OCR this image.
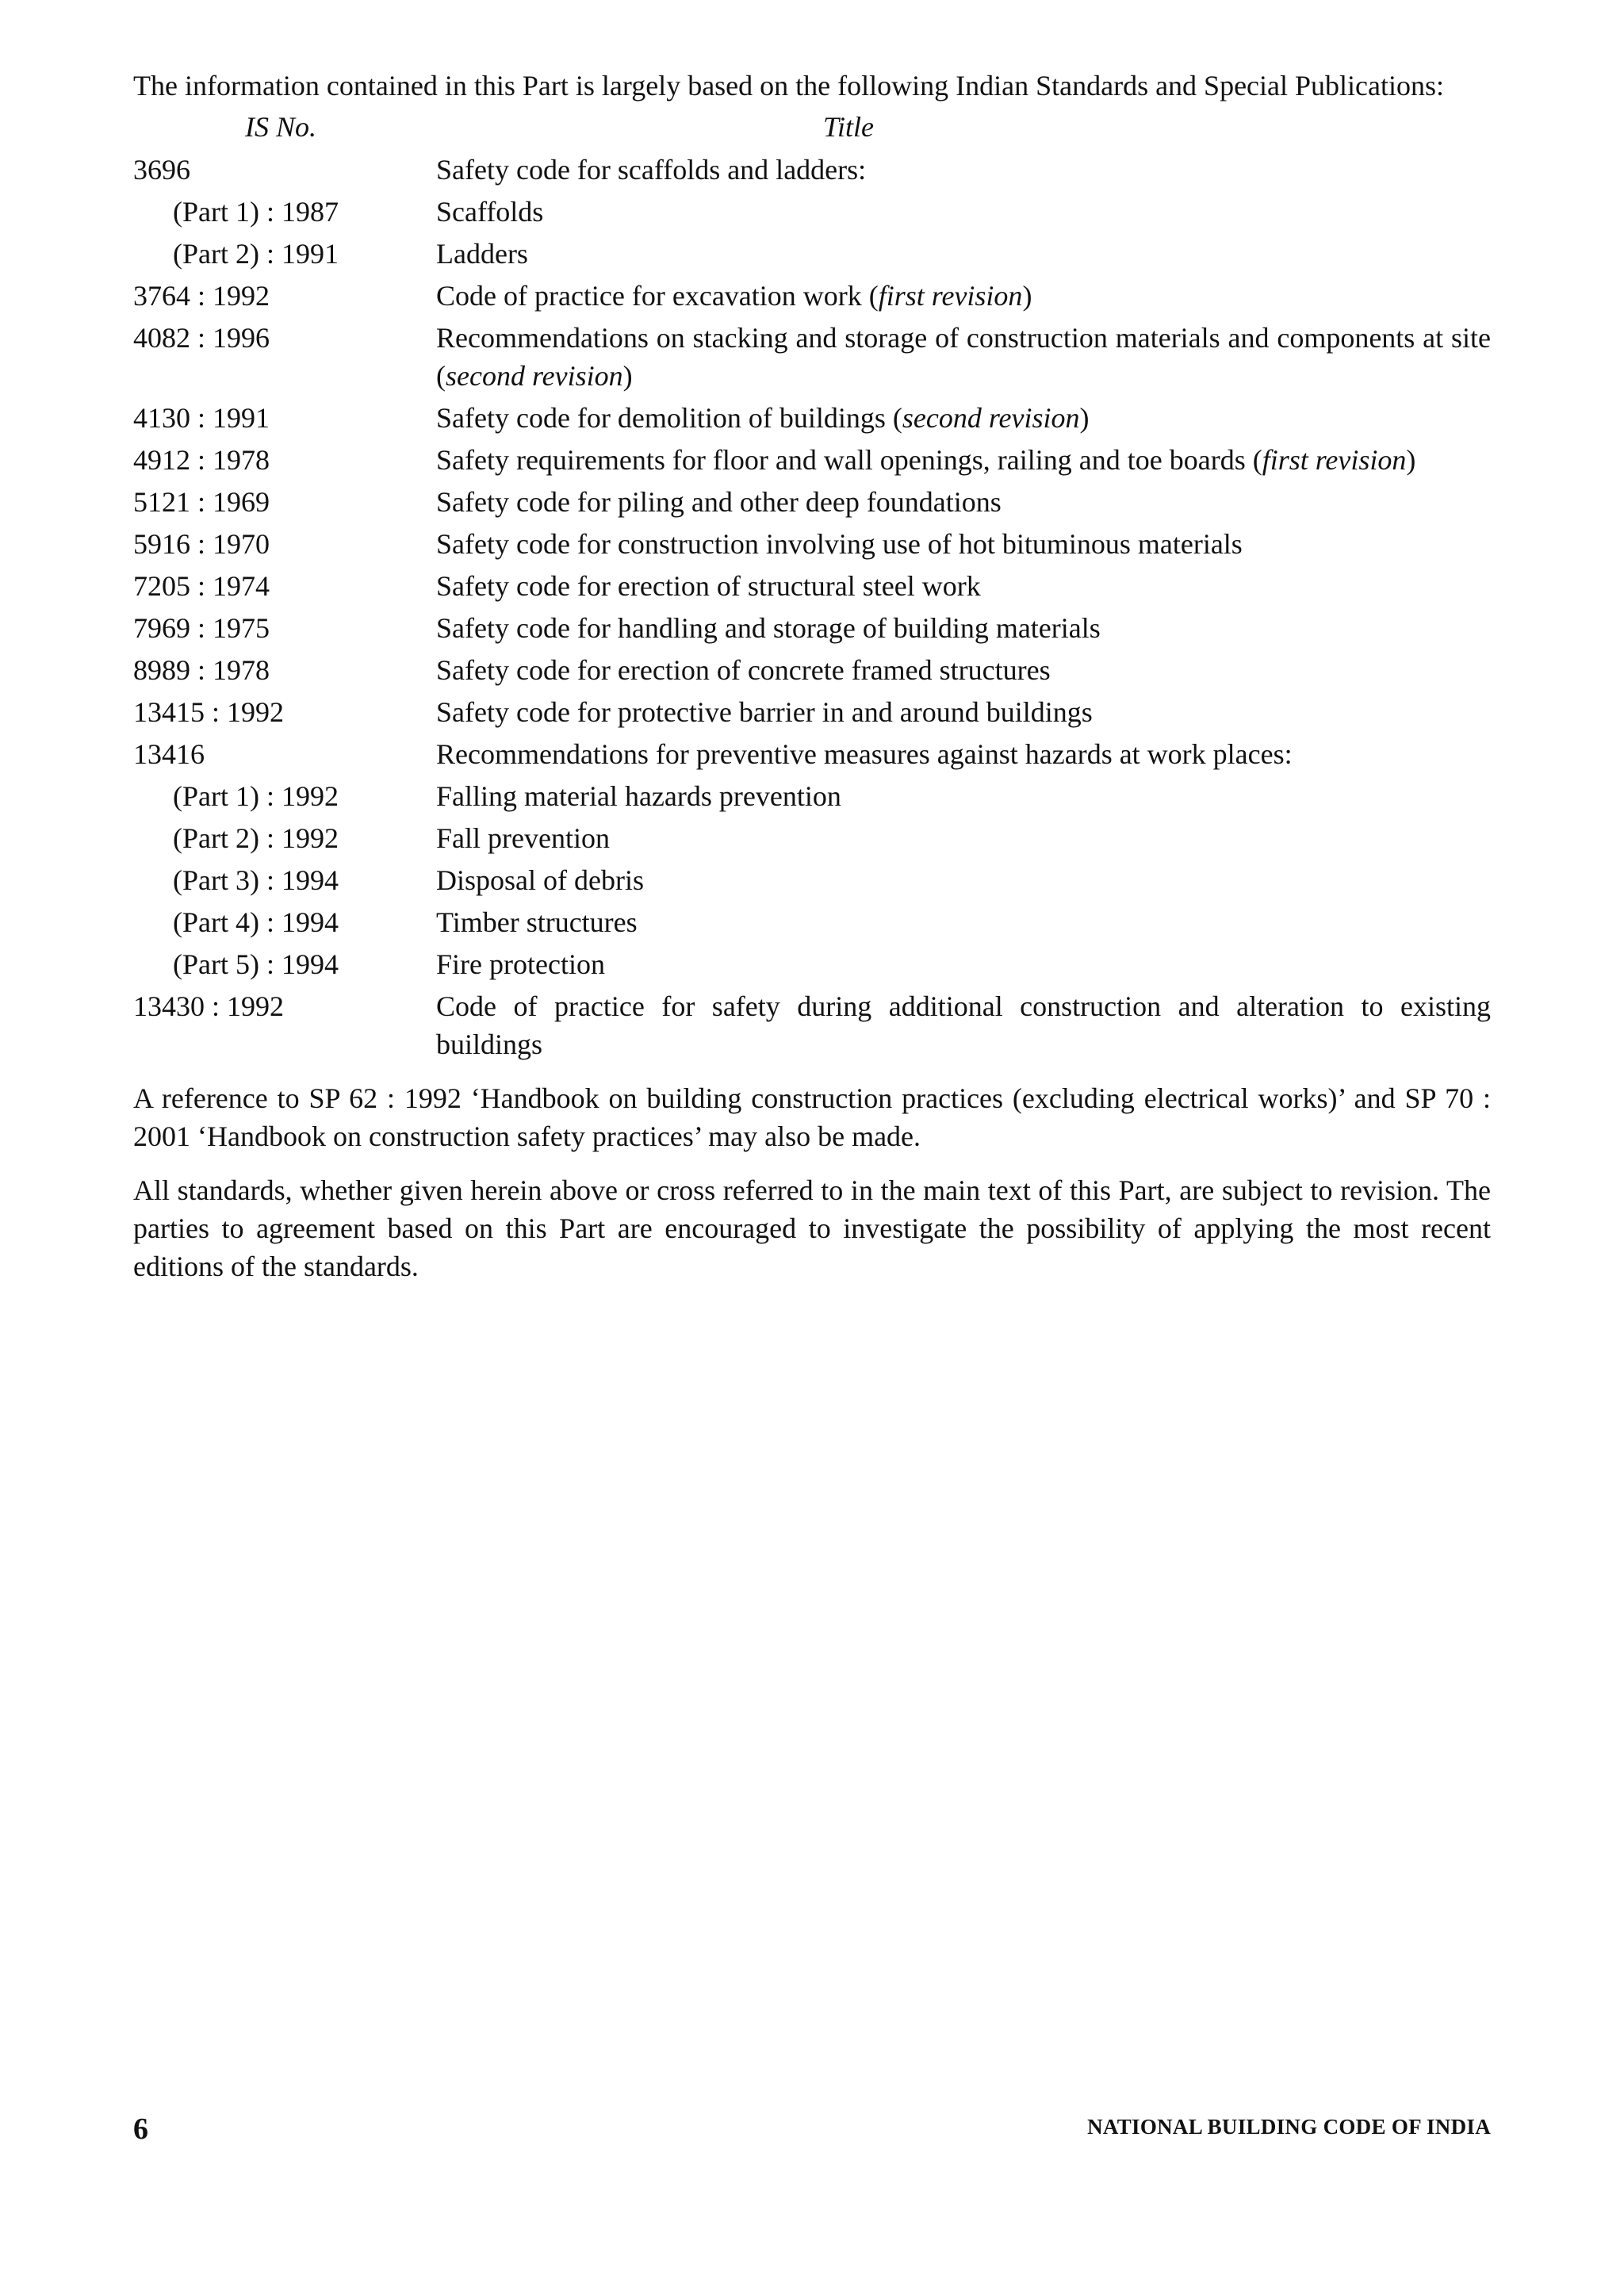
The information contained in this Part is largely based on the following Indian Standards and Special Publications:

IS No.	Title
3696	Safety code for scaffolds and ladders:
(Part 1) : 1987	Scaffolds
(Part 2) : 1991	Ladders
3764 : 1992	Code of practice for excavation work (first revision)
4082 : 1996	Recommendations on stacking and storage of construction materials and components at site (second revision)
4130 : 1991	Safety code for demolition of buildings (second revision)
4912 : 1978	Safety requirements for floor and wall openings, railing and toe boards (first revision)
5121 : 1969	Safety code for piling and other deep foundations
5916 : 1970	Safety code for construction involving use of hot bituminous materials
7205 : 1974	Safety code for erection of structural steel work
7969 : 1975	Safety code for handling and storage of building materials
8989 : 1978	Safety code for erection of concrete framed structures
13415 : 1992	Safety code for protective barrier in and around buildings
13416	Recommendations for preventive measures against hazards at work places:
(Part 1) : 1992	Falling material hazards prevention
(Part 2) : 1992	Fall prevention
(Part 3) : 1994	Disposal of debris
(Part 4) : 1994	Timber structures
(Part 5) : 1994	Fire protection
13430 : 1992	Code of practice for safety during additional construction and alteration to existing buildings

A reference to SP 62 : 1992 ‘Handbook on building construction practices (excluding electrical works)’ and SP 70 : 2001 ‘Handbook on construction safety practices’ may also be made.

All standards, whether given herein above or cross referred to in the main text of this Part, are subject to revision. The parties to agreement based on this Part are encouraged to investigate the possibility of applying the most recent editions of the standards.

6	NATIONAL BUILDING CODE OF INDIA
